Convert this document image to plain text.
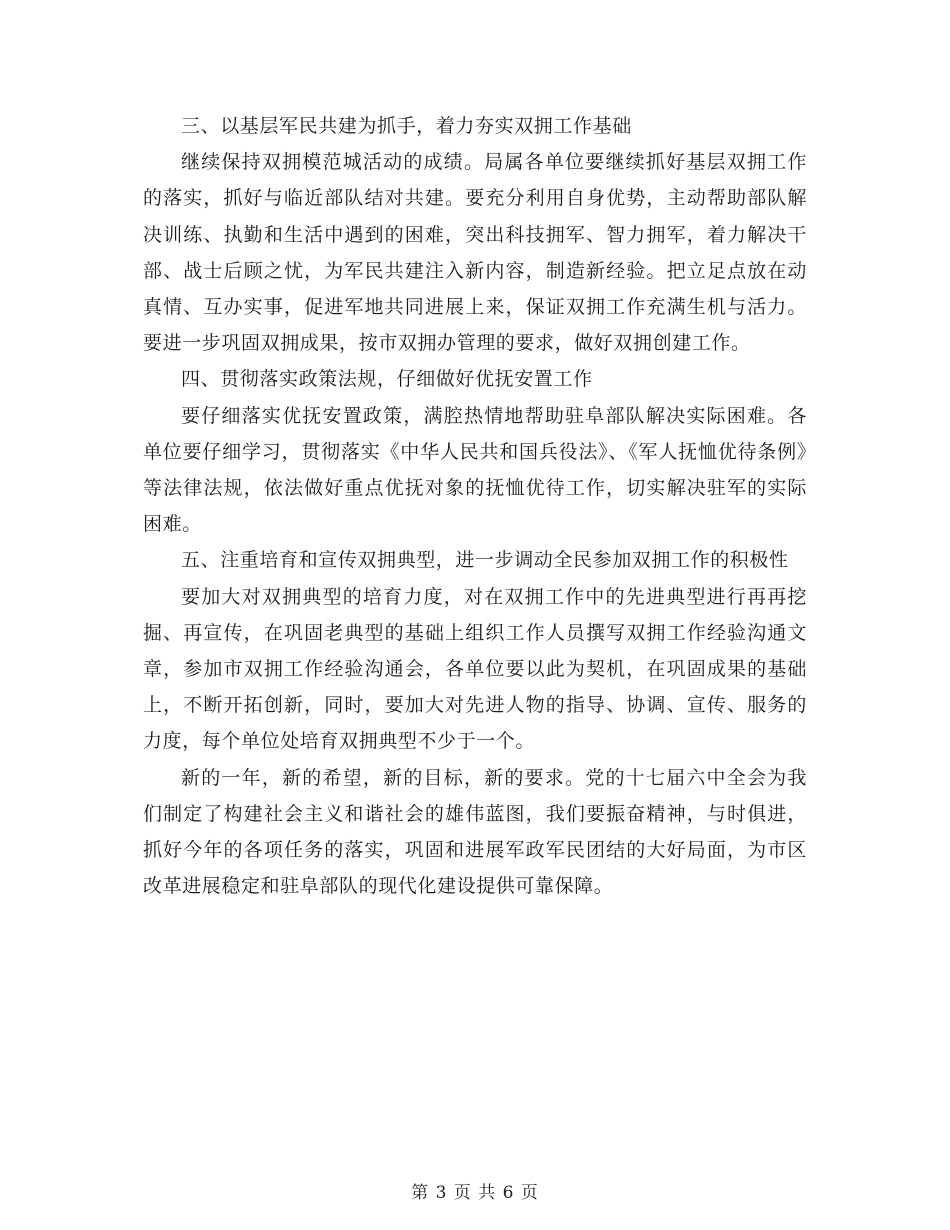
三、以基层军民共建为抓手，着力夯实双拥工作基础

继续保持双拥模范城活动的成绩。局属各单位要继续抓好基层双拥工作的落实，抓好与临近部队结对共建。要充分利用自身优势，主动帮助部队解决训练、执勤和生活中遇到的困难，突出科技拥军、智力拥军，着力解决干部、战士后顾之忧，为军民共建注入新内容，制造新经验。把立足点放在动真情、互办实事，促进军地共同进展上来，保证双拥工作充满生机与活力。要进一步巩固双拥成果，按市双拥办管理的要求，做好双拥创建工作。

四、贯彻落实政策法规，仔细做好优抚安置工作

要仔细落实优抚安置政策，满腔热情地帮助驻阜部队解决实际困难。各单位要仔细学习，贯彻落实《中华人民共和国兵役法》、《军人抚恤优待条例》等法律法规，依法做好重点优抚对象的抚恤优待工作，切实解决驻军的实际困难。

五、注重培育和宣传双拥典型，进一步调动全民参加双拥工作的积极性

要加大对双拥典型的培育力度，对在双拥工作中的先进典型进行再再挖掘、再宣传，在巩固老典型的基础上组织工作人员撰写双拥工作经验沟通文章，参加市双拥工作经验沟通会，各单位要以此为契机，在巩固成果的基础上，不断开拓创新，同时，要加大对先进人物的指导、协调、宣传、服务的力度，每个单位处培育双拥典型不少于一个。

新的一年，新的希望，新的目标，新的要求。党的十七届六中全会为我们制定了构建社会主义和谐社会的雄伟蓝图，我们要振奋精神，与时俱进，抓好今年的各项任务的落实，巩固和进展军政军民团结的大好局面，为市区改革进展稳定和驻阜部队的现代化建设提供可靠保障。

第 3 页 共 6 页
